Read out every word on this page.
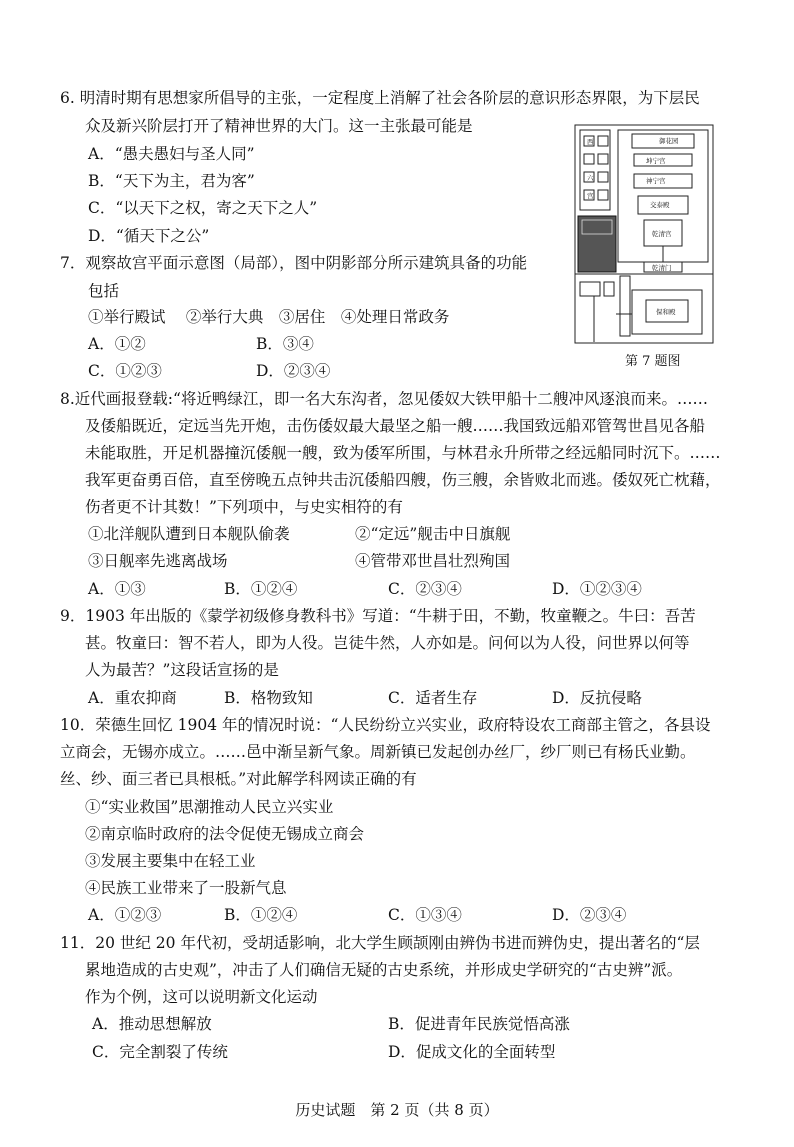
6. 明清时期有思想家所倡导的主张，一定程度上消解了社会各阶层的意识形态界限，为下层民
众及新兴阶层打开了精神世界的大门。这一主张最可能是
A．“愚夫愚妇与圣人同”
B．“天下为主，君为客”
C．“以天下之权，寄之天下之人”
D．“循天下之公”
7．观察故宫平面示意图（局部），图中阴影部分所示建筑具备的功能
包括
①举行殿试　 ②举行大典　③居住　④处理日常政务
A．①②	B．③④
C．①②③	D．②③④
御花园
坤宁宫
神宁宫
交泰殿
乾清宫
乾清门
保和殿
西
六
宫
第 7 题图
8.近代画报登载:“将近鸭绿江，即一名大东沟者，忽见倭奴大铁甲船十二艘冲风逐浪而来。……
及倭船既近，定远当先开炮，击伤倭奴最大最坚之船一艘……我国致远船邓管驾世昌见各船
未能取胜，开足机器撞沉倭舰一艘，致为倭军所围，与林君永升所带之经远船同时沉下。……
我军更奋勇百倍，直至傍晚五点钟共击沉倭船四艘，伤三艘，余皆败北而逃。倭奴死亡枕藉，
伤者更不计其数！”下列项中，与史实相符的有
①北洋舰队遭到日本舰队偷袭	②“定远”舰击中日旗舰
③日舰率先逃离战场	④管带邓世昌壮烈殉国
A．①③	B．①②④	C．②③④	D．①②③④
9．1903 年出版的《蒙学初级修身教科书》写道：“牛耕于田，不勤，牧童鞭之。牛曰：吾苦
甚。牧童曰：智不若人，即为人役。岂徒牛然，人亦如是。问何以为人役，问世界以何等
人为最苦？”这段话宣扬的是
A．重农抑商	B．格物致知	C．适者生存	D．反抗侵略
10．荣德生回忆 1904 年的情况时说：“人民纷纷立兴实业，政府特设农工商部主管之，各县设
立商会，无锡亦成立。……邑中渐呈新气象。周新镇已发起创办丝厂，纱厂则已有杨氏业勤。
丝、纱、面三者已具根柢。”对此解学科网读正确的有
①“实业救国”思潮推动人民立兴实业
②南京临时政府的法令促使无锡成立商会
③发展主要集中在轻工业
④民族工业带来了一股新气息
A．①②③	B．①②④	C．①③④	D．②③④
11．20 世纪 20 年代初，受胡适影响，北大学生顾颉刚由辨伪书进而辨伪史，提出著名的“层
累地造成的古史观”，冲击了人们确信无疑的古史系统，并形成史学研究的“古史辨”派。
作为个例，这可以说明新文化运动
A．推动思想解放	B．促进青年民族觉悟高涨
C．完全割裂了传统	D．促成文化的全面转型
历史试题　第 2 页（共 8 页）
